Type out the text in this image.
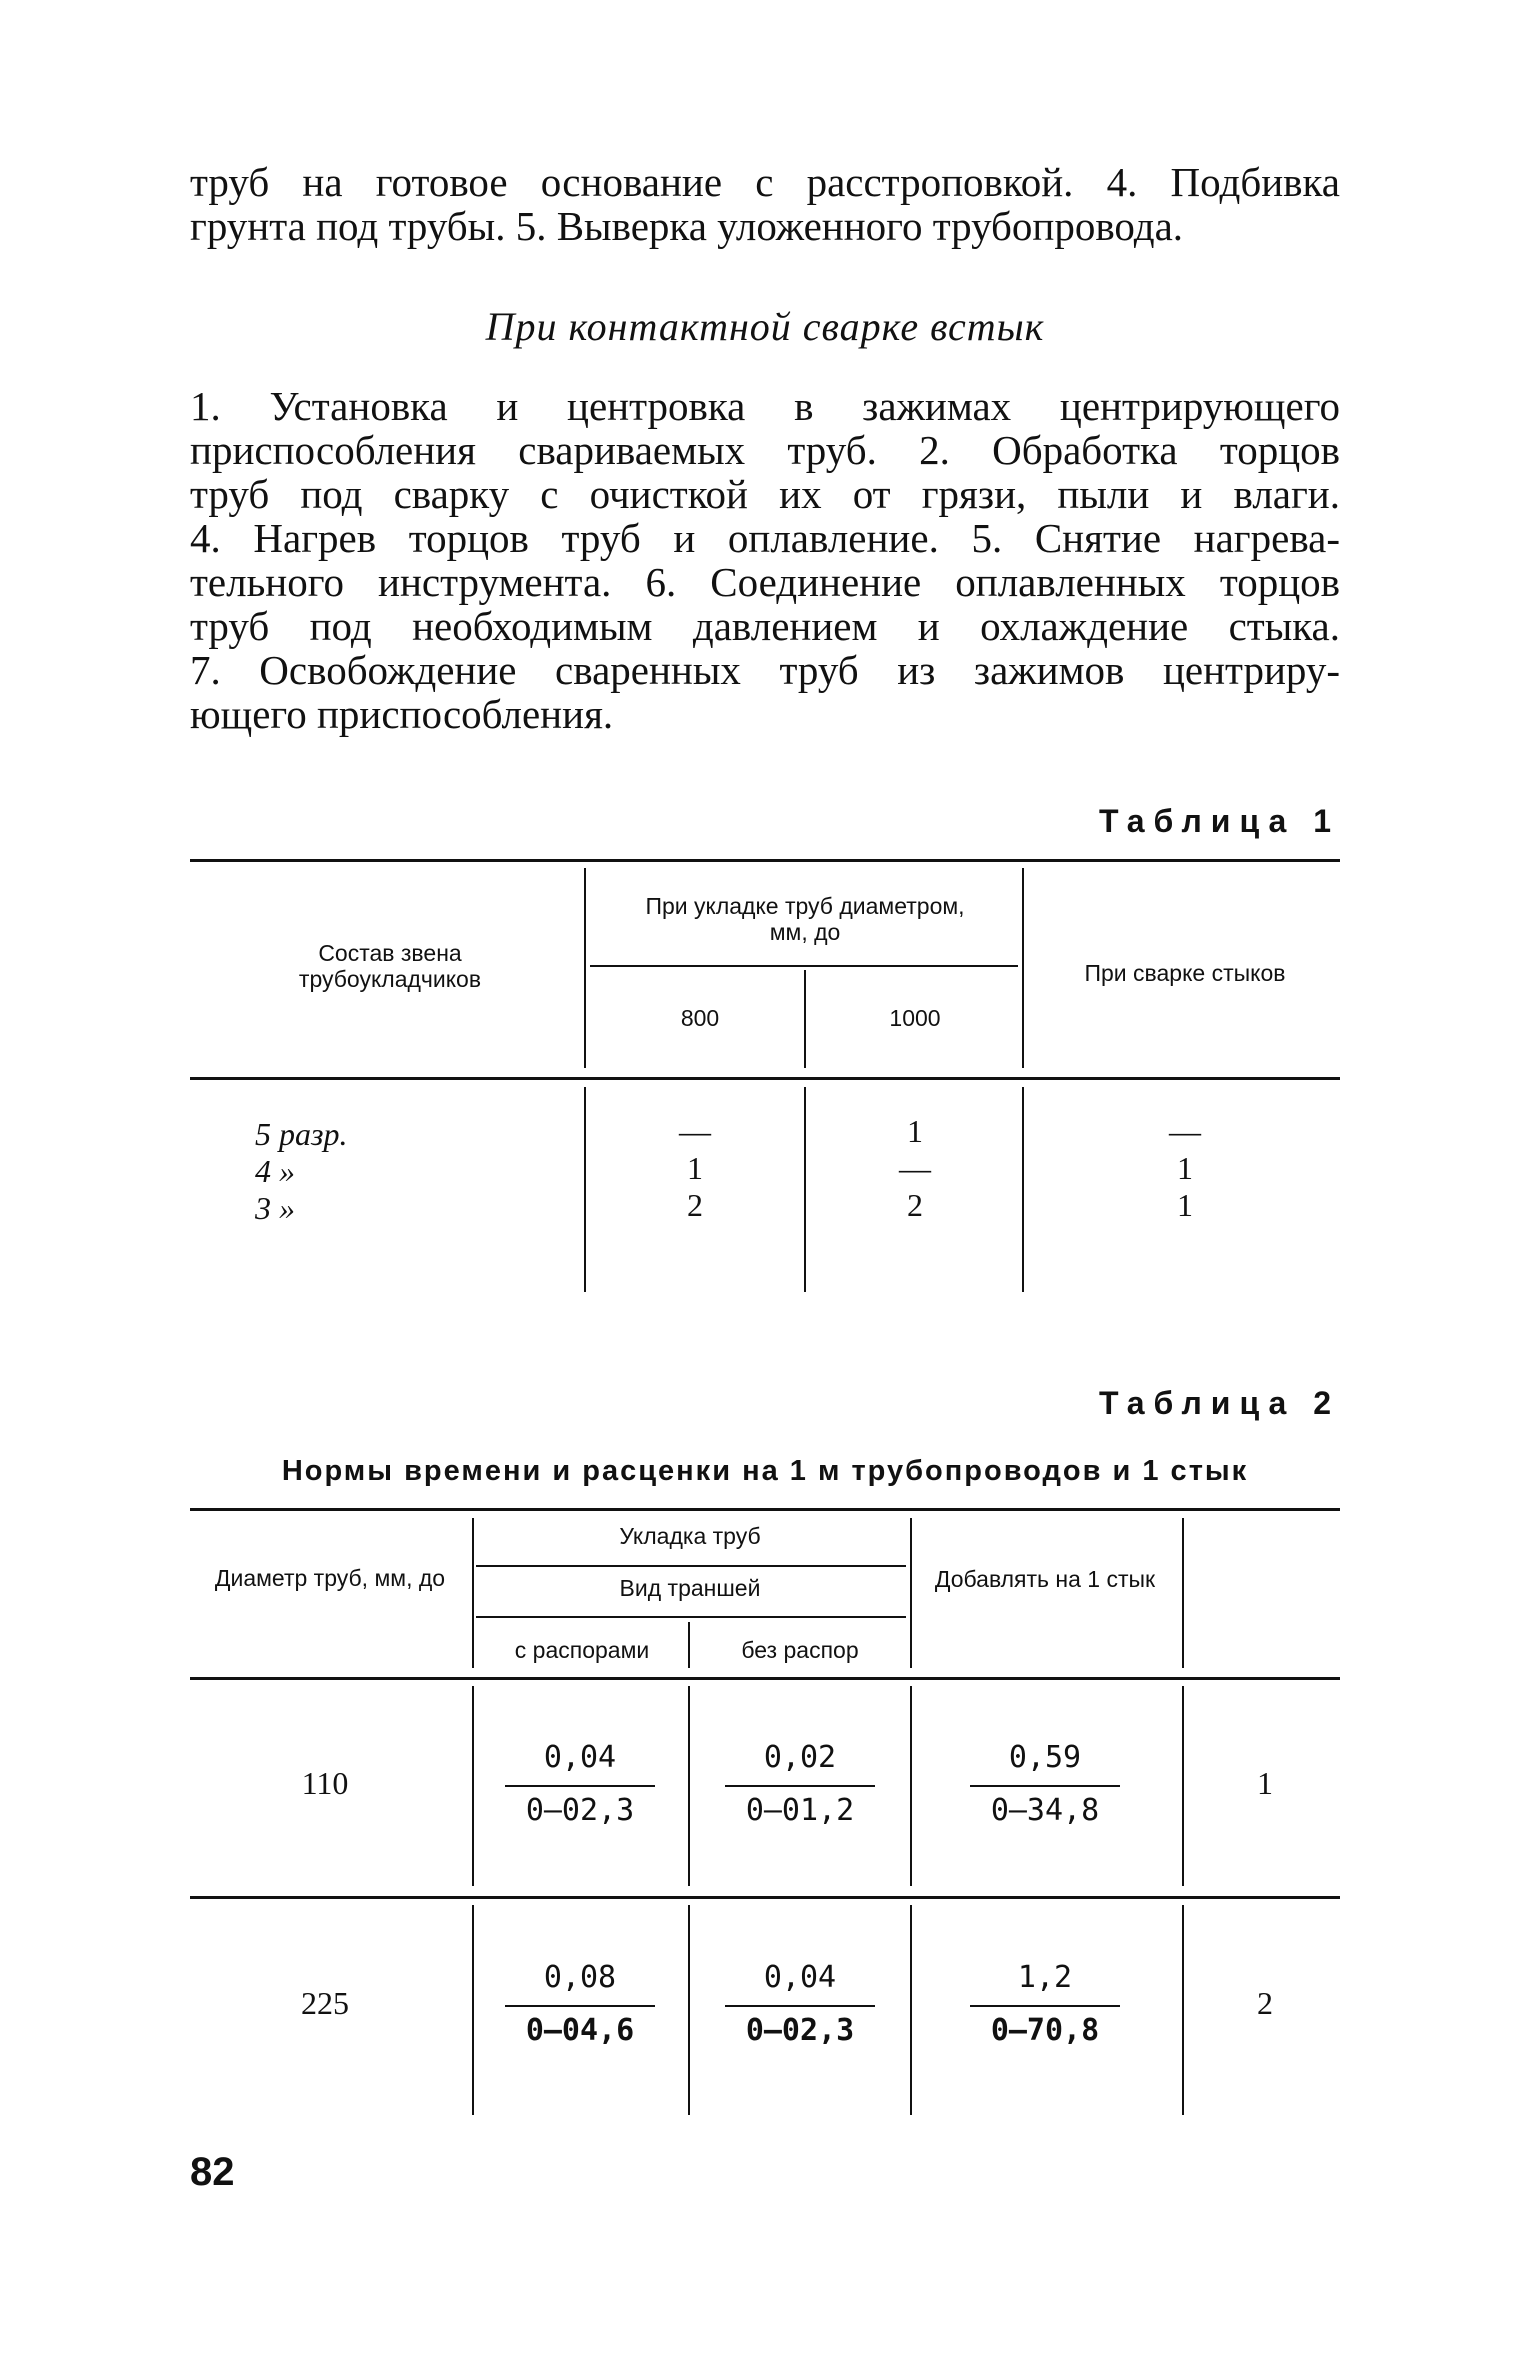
труб на готовое основание с расстроповкой. 4. Подбивка
грунта под трубы. 5. Выверка уложенного трубопровода.
При контактной сварке встык
1. Установка и центровка в зажимах центрирующего
приспособления свариваемых труб. 2. Обработка торцов
труб под сварку с очисткой их от грязи, пыли и влаги.
4. Нагрев торцов труб и оплавление. 5. Снятие нагрева-
тельного инструмента. 6. Соединение оплавленных торцов
труб под необходимым давлением и охлаждение стыка.
7. Освобождение сваренных труб из зажимов центриру-
ющего приспособления.
Таблица 1
Состав звена трубоукладчиков
При укладке труб диаметром, мм, до
800	1000
При сварке стыков
5 разр.
4 »
3 »
—
1
2
1
—
2
—
1
1
Таблица 2
Нормы времени и расценки на 1 м трубопроводов и 1 стык
Диаметр труб, мм, до
Укладка труб
Вид траншей
с распорами	без распор
Добавлять на 1 стык
110
0,04
0—02,3
0,02
0—01,2
0,59
0—34,8
1
225
0,08
0—04,6
0,04
0—02,3
1,2
0—70,8
2
82
